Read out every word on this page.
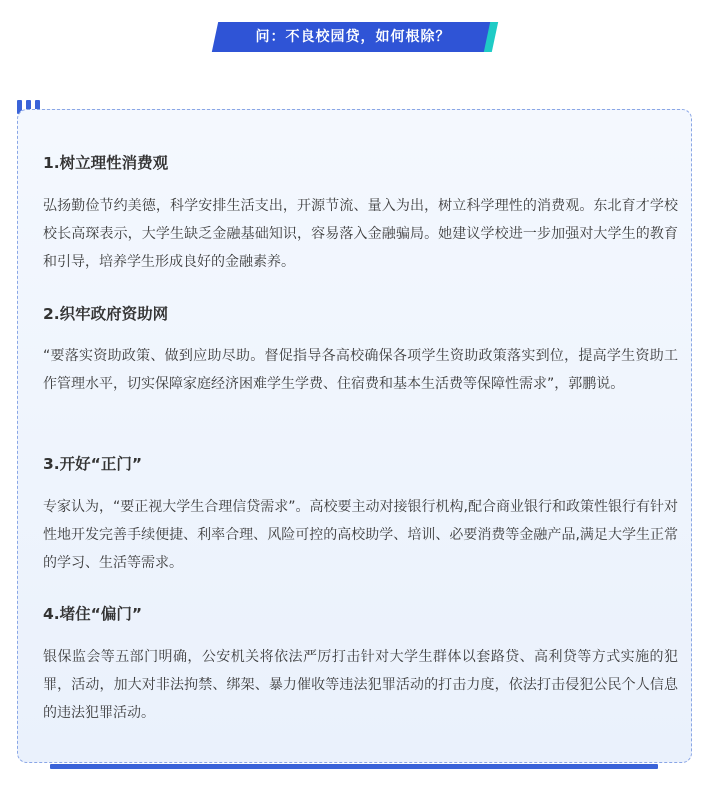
问：不良校园贷，如何根除？
1.树立理性消费观
弘扬勤俭节约美德，科学安排生活支出，开源节流、量入为出，树立科学理性的消费观。东北育才学校校长高琛表示，大学生缺乏金融基础知识，容易落入金融骗局。她建议学校进一步加强对大学生的教育和引导，培养学生形成良好的金融素养。
2.织牢政府资助网
“要落实资助政策、做到应助尽助。督促指导各高校确保各项学生资助政策落实到位，提高学生资助工作管理水平，切实保障家庭经济困难学生学费、住宿费和基本生活费等保障性需求”，郭鹏说。
3.开好“正门”
专家认为，“要正视大学生合理信贷需求”。高校要主动对接银行机构,配合商业银行和政策性银行有针对性地开发完善手续便捷、利率合理、风险可控的高校助学、培训、必要消费等金融产品,满足大学生正常的学习、生活等需求。
4.堵住“偏门”
银保监会等五部门明确，公安机关将依法严厉打击针对大学生群体以套路贷、高利贷等方式实施的犯罪，活动，加大对非法拘禁、绑架、暴力催收等违法犯罪活动的打击力度，依法打击侵犯公民个人信息的违法犯罪活动。
